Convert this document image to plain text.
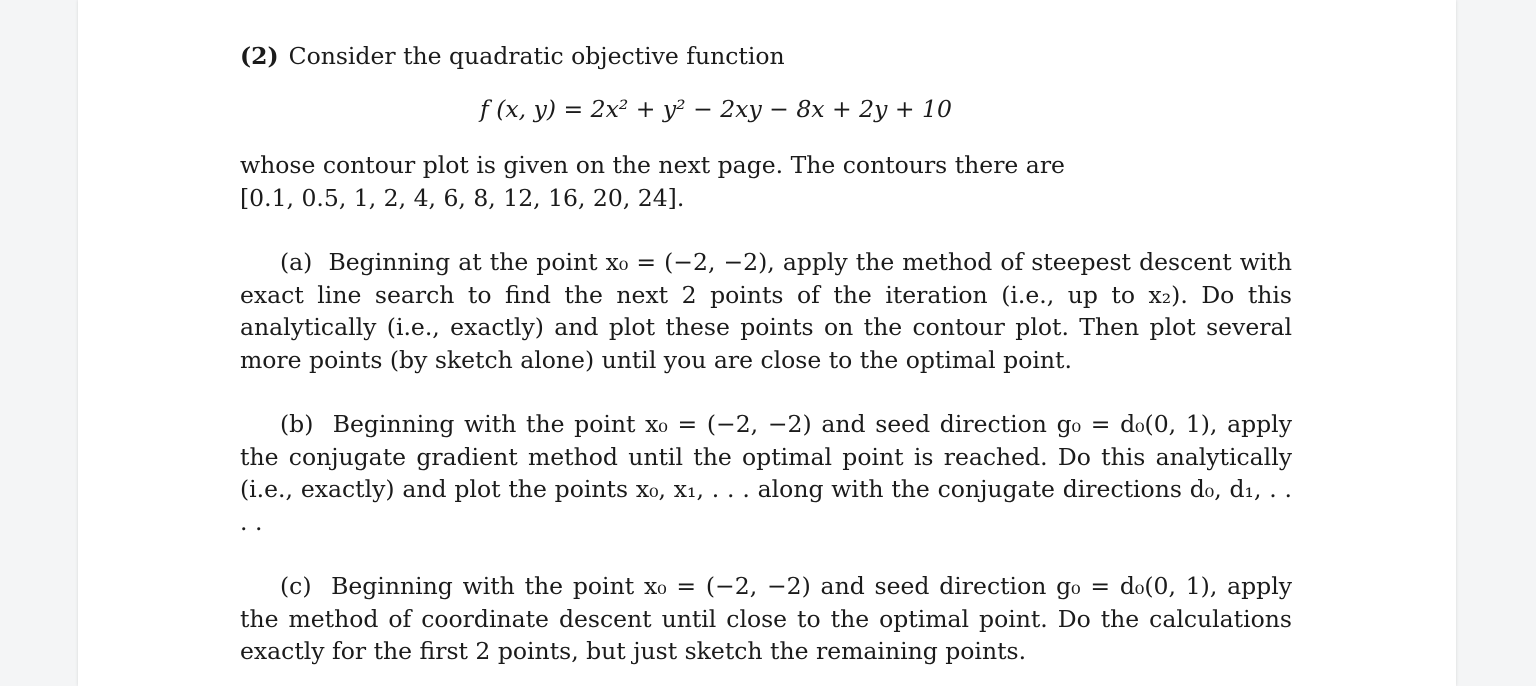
(2) Consider the quadratic objective function

f (x, y) = 2x² + y² − 2xy − 8x + 2y + 10

whose contour plot is given on the next page. The contours there are
[0.1, 0.5, 1, 2, 4, 6, 8, 12, 16, 20, 24].

(a) Beginning at the point x₀ = (−2, −2), apply the method of steepest descent with exact line search to find the next 2 points of the iteration (i.e., up to x₂). Do this analytically (i.e., exactly) and plot these points on the contour plot. Then plot several more points (by sketch alone) until you are close to the optimal point.

(b) Beginning with the point x₀ = (−2, −2) and seed direction g₀ = d₀(0, 1), apply the conjugate gradient method until the optimal point is reached. Do this analytically (i.e., exactly) and plot the points x₀, x₁, . . . along with the conjugate directions d₀, d₁, . . . .

(c) Beginning with the point x₀ = (−2, −2) and seed direction g₀ = d₀(0, 1), apply the method of coordinate descent until close to the optimal point. Do the calculations exactly for the first 2 points, but just sketch the remaining points.
